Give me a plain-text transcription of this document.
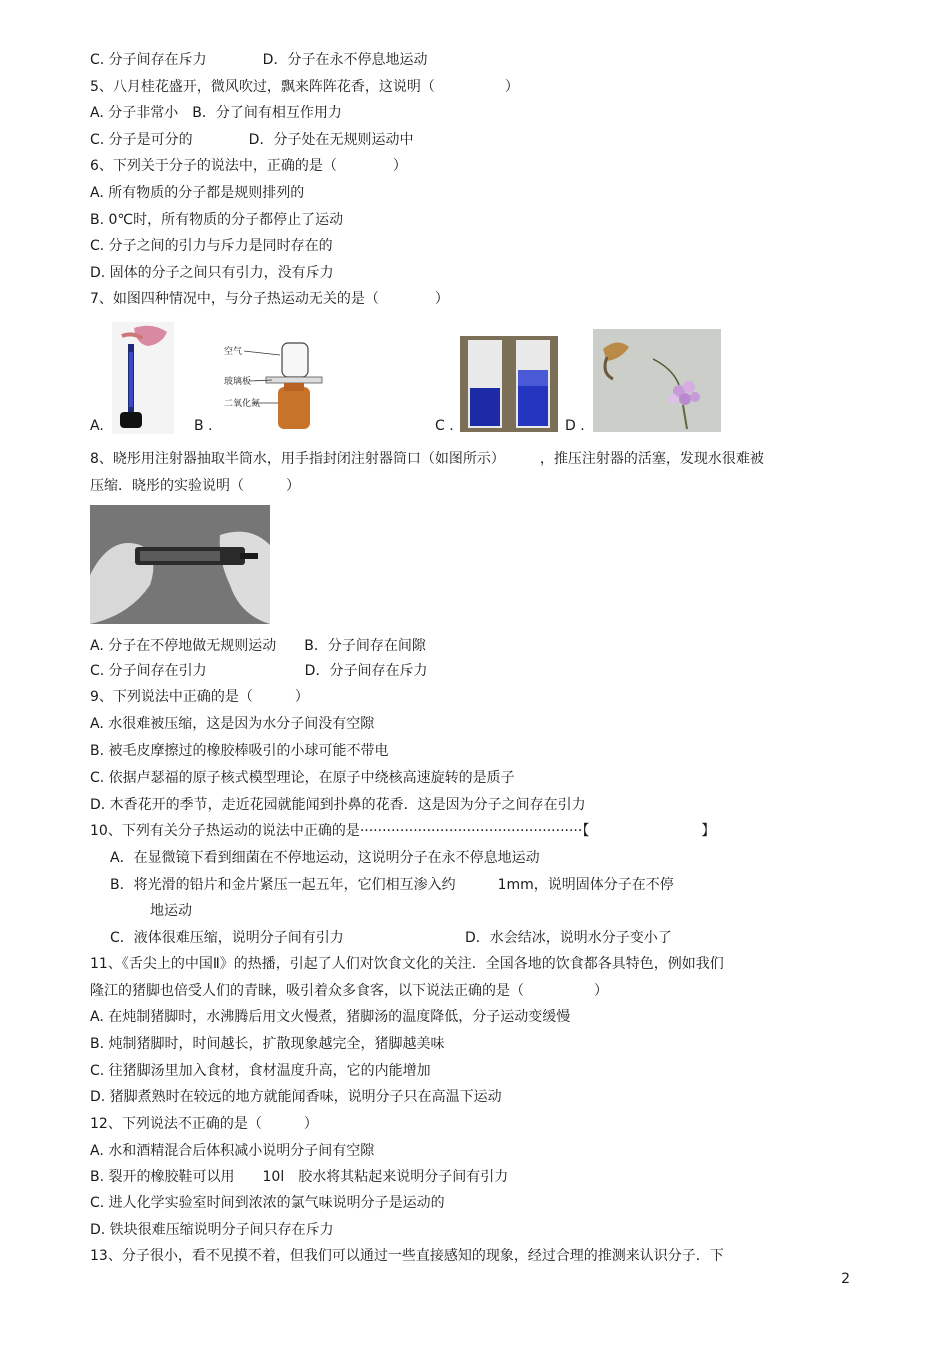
C. 分子间存在斥力　　　　D．分子在永不停息地运动
5、八月桂花盛开，微风吹过，飘来阵阵花香，这说明（　　　　　）
A. 分子非常小　B．分了间有相互作用力
C. 分子是可分的　　　　D．分子处在无规则运动中
6、下列关于分子的说法中，正确的是（　　　　）
A. 所有物质的分子都是规则排列的
B. 0℃时，所有物质的分子都停止了运动
C. 分子之间的引力与斥力是同时存在的
D. 固体的分子之间只有引力，没有斥力
7、如图四种情况中，与分子热运动无关的是（　　　　）
A.
空气
玻璃板
二氧化氮
B .	C .	D .
8、晓彤用注射器抽取半筒水，用手指封闭注射器筒口（如图所示）　　　，推压注射器的活塞，发现水很难被
压缩．晓彤的实验说明（　　　）
A. 分子在不停地做无规则运动　　B．分子间存在间隙
C. 分子间存在引力　　　　　　　D．分子间存在斥力
9、下列说法中正确的是（　　　）
A. 水很难被压缩，这是因为水分子间没有空隙
B. 被毛皮摩擦过的橡胶棒吸引的小球可能不带电
C. 依据卢瑟福的原子核式模型理论，在原子中绕核高速旋转的是质子
D. 木香花开的季节，走近花园就能闻到扑鼻的花香．这是因为分子之间存在引力
10、下列有关分子热运动的说法中正确的是··················································【　　　　　　　　】
A．在显微镜下看到细菌在不停地运动，这说明分子在永不停息地运动
B．将光滑的铅片和金片紧压一起五年，它们相互渗入约　　　1mm，说明固体分子在不停
地运动
C．液体很难压缩，说明分子间有引力	D．水会结冰，说明水分子变小了
11、《舌尖上的中国Ⅱ》的热播，引起了人们对饮食文化的关注．全国各地的饮食都各具特色，例如我们
隆江的猪脚也倍受人们的青睐，吸引着众多食客，以下说法正确的是（　　　　　）
A. 在炖制猪脚时，水沸腾后用文火慢煮，猪脚汤的温度降低，分子运动变缓慢
B. 炖制猪脚时，时间越长，扩散现象越完全，猪脚越美味
C. 往猪脚汤里加入食材，食材温度升高，它的内能增加
D. 猪脚煮熟时在较远的地方就能闻香味，说明分子只在高温下运动
12、下列说法不正确的是（　　　）
A. 水和酒精混合后体积减小说明分子间有空隙
B. 裂开的橡胶鞋可以用　　10l　胶水将其粘起来说明分子间有引力
C. 进人化学实验室时间到浓浓的氯气味说明分子是运动的
D. 铁块很难压缩说明分子间只存在斥力
13、分子很小，看不见摸不着，但我们可以通过一些直接感知的现象，经过合理的推测来认识分子．下
2
